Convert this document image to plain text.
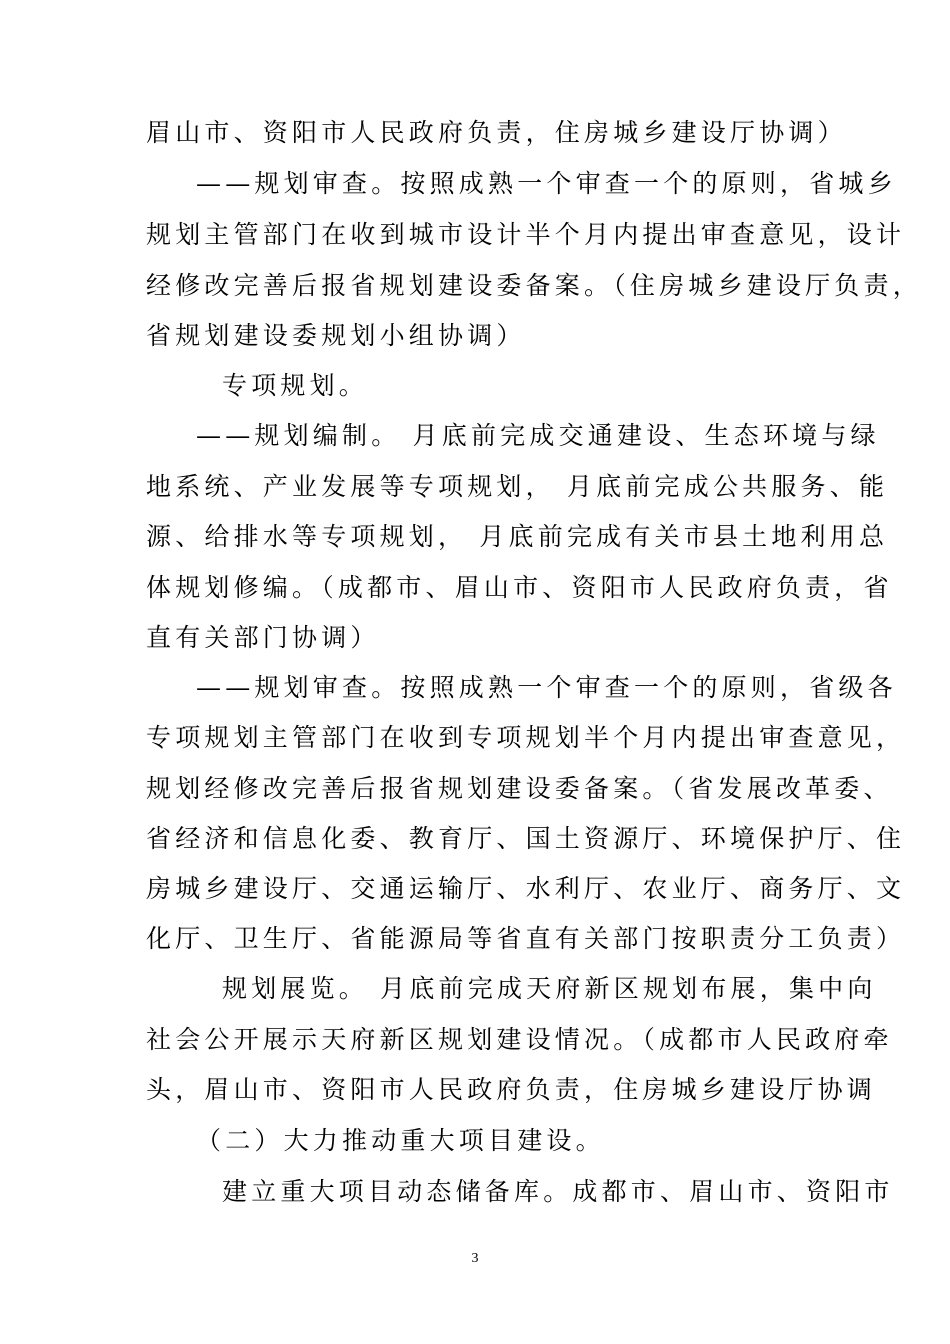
眉山市、资阳市人民政府负责，住房城乡建设厅协调）
——规划审查。按照成熟一个审查一个的原则，省城乡
规划主管部门在收到城市设计半个月内提出审查意见，设计
经修改完善后报省规划建设委备案。（住房城乡建设厅负责，
省规划建设委规划小组协调）
专项规划。
——规划编制。 月底前完成交通建设、生态环境与绿
地系统、产业发展等专项规划， 月底前完成公共服务、能
源、给排水等专项规划， 月底前完成有关市县土地利用总
体规划修编。（成都市、眉山市、资阳市人民政府负责，省
直有关部门协调）
——规划审查。按照成熟一个审查一个的原则，省级各
专项规划主管部门在收到专项规划半个月内提出审查意见，
规划经修改完善后报省规划建设委备案。（省发展改革委、
省经济和信息化委、教育厅、国土资源厅、环境保护厅、住
房城乡建设厅、交通运输厅、水利厅、农业厅、商务厅、文
化厅、卫生厅、省能源局等省直有关部门按职责分工负责）
规划展览。 月底前完成天府新区规划布展，集中向
社会公开展示天府新区规划建设情况。（成都市人民政府牵
头，眉山市、资阳市人民政府负责，住房城乡建设厅协调
（二）大力推动重大项目建设。
建立重大项目动态储备库。成都市、眉山市、资阳市
3
